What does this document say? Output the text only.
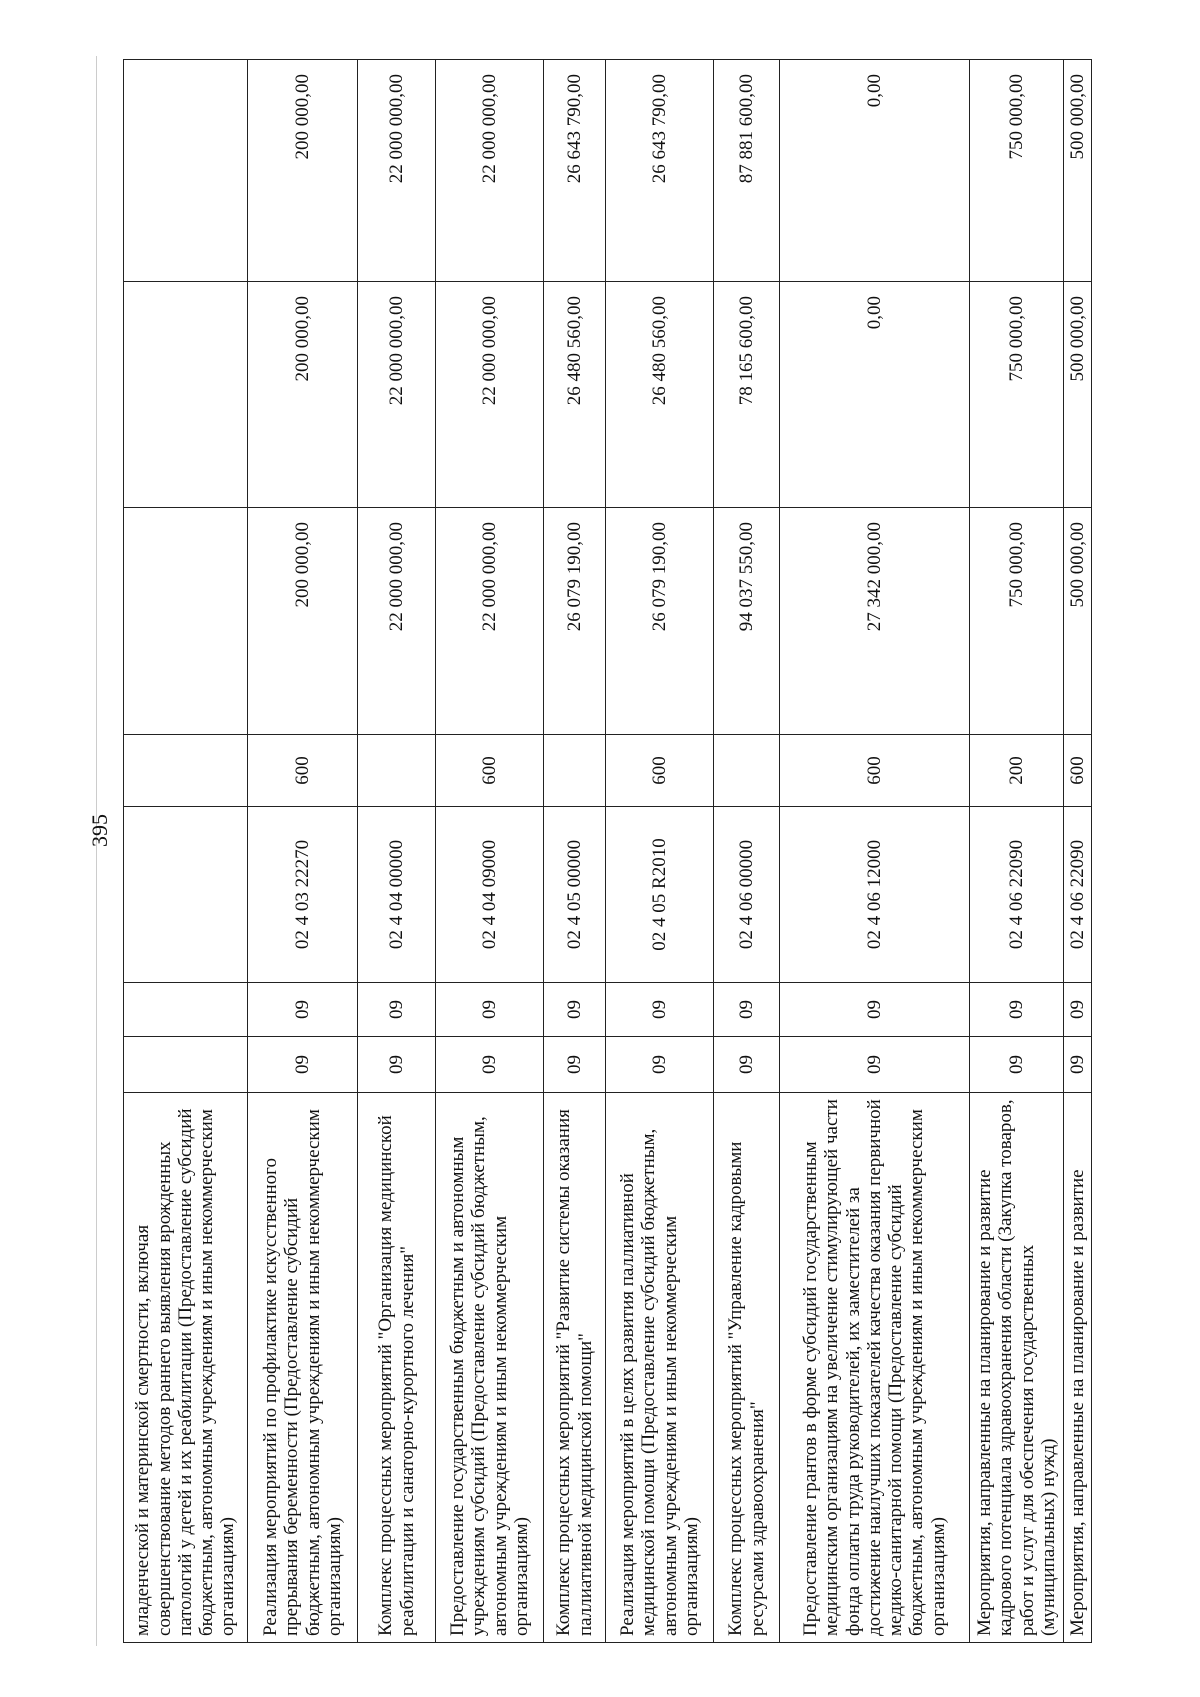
395
младенческой и материнской смертности, включая совершенствование методов раннего выявления врожденных патологий у детей и их реабилитации (Предоставление субсидий бюджетным, автономным учреждениям и иным некоммерческим организациям)							
Реализация мероприятий по профилактике искусственного прерывания беременности (Предоставление субсидий бюджетным, автономным учреждениям и иным некоммерческим организациям)	09	09	02 4 03 22270	600	200 000,00	200 000,00	200 000,00
Комплекс процессных мероприятий "Организация медицинской реабилитации и санаторно-курортного лечения"	09	09	02 4 04 00000		22 000 000,00	22 000 000,00	22 000 000,00
Предоставление государственным бюджетным и автономным учреждениям субсидий (Предоставление субсидий бюджетным, автономным учреждениям и иным некоммерческим организациям)	09	09	02 4 04 09000	600	22 000 000,00	22 000 000,00	22 000 000,00
Комплекс процессных мероприятий "Развитие системы оказания паллиативной медицинской помощи"	09	09	02 4 05 00000		26 079 190,00	26 480 560,00	26 643 790,00
Реализация мероприятий в целях развития паллиативной медицинской помощи (Предоставление субсидий бюджетным, автономным учреждениям и иным некоммерческим организациям)	09	09	02 4 05 R2010	600	26 079 190,00	26 480 560,00	26 643 790,00
Комплекс процессных мероприятий "Управление кадровыми ресурсами здравоохранения"	09	09	02 4 06 00000		94 037 550,00	78 165 600,00	87 881 600,00
Предоставление грантов в форме субсидий государственным медицинским организациям на увеличение стимулирующей части фонда оплаты труда руководителей, их заместителей за достижение наилучших показателей качества оказания первичной медико-санитарной помощи (Предоставление субсидий бюджетным, автономным учреждениям и иным некоммерческим организациям)	09	09	02 4 06 12000	600	27 342 000,00	0,00	0,00
Мероприятия, направленные на планирование и развитие кадрового потенциала здравоохранения области (Закупка товаров, работ и услуг для обеспечения государственных (муниципальных) нужд)	09	09	02 4 06 22090	200	750 000,00	750 000,00	750 000,00
Мероприятия, направленные на планирование и развитие	09	09	02 4 06 22090	600	500 000,00	500 000,00	500 000,00
